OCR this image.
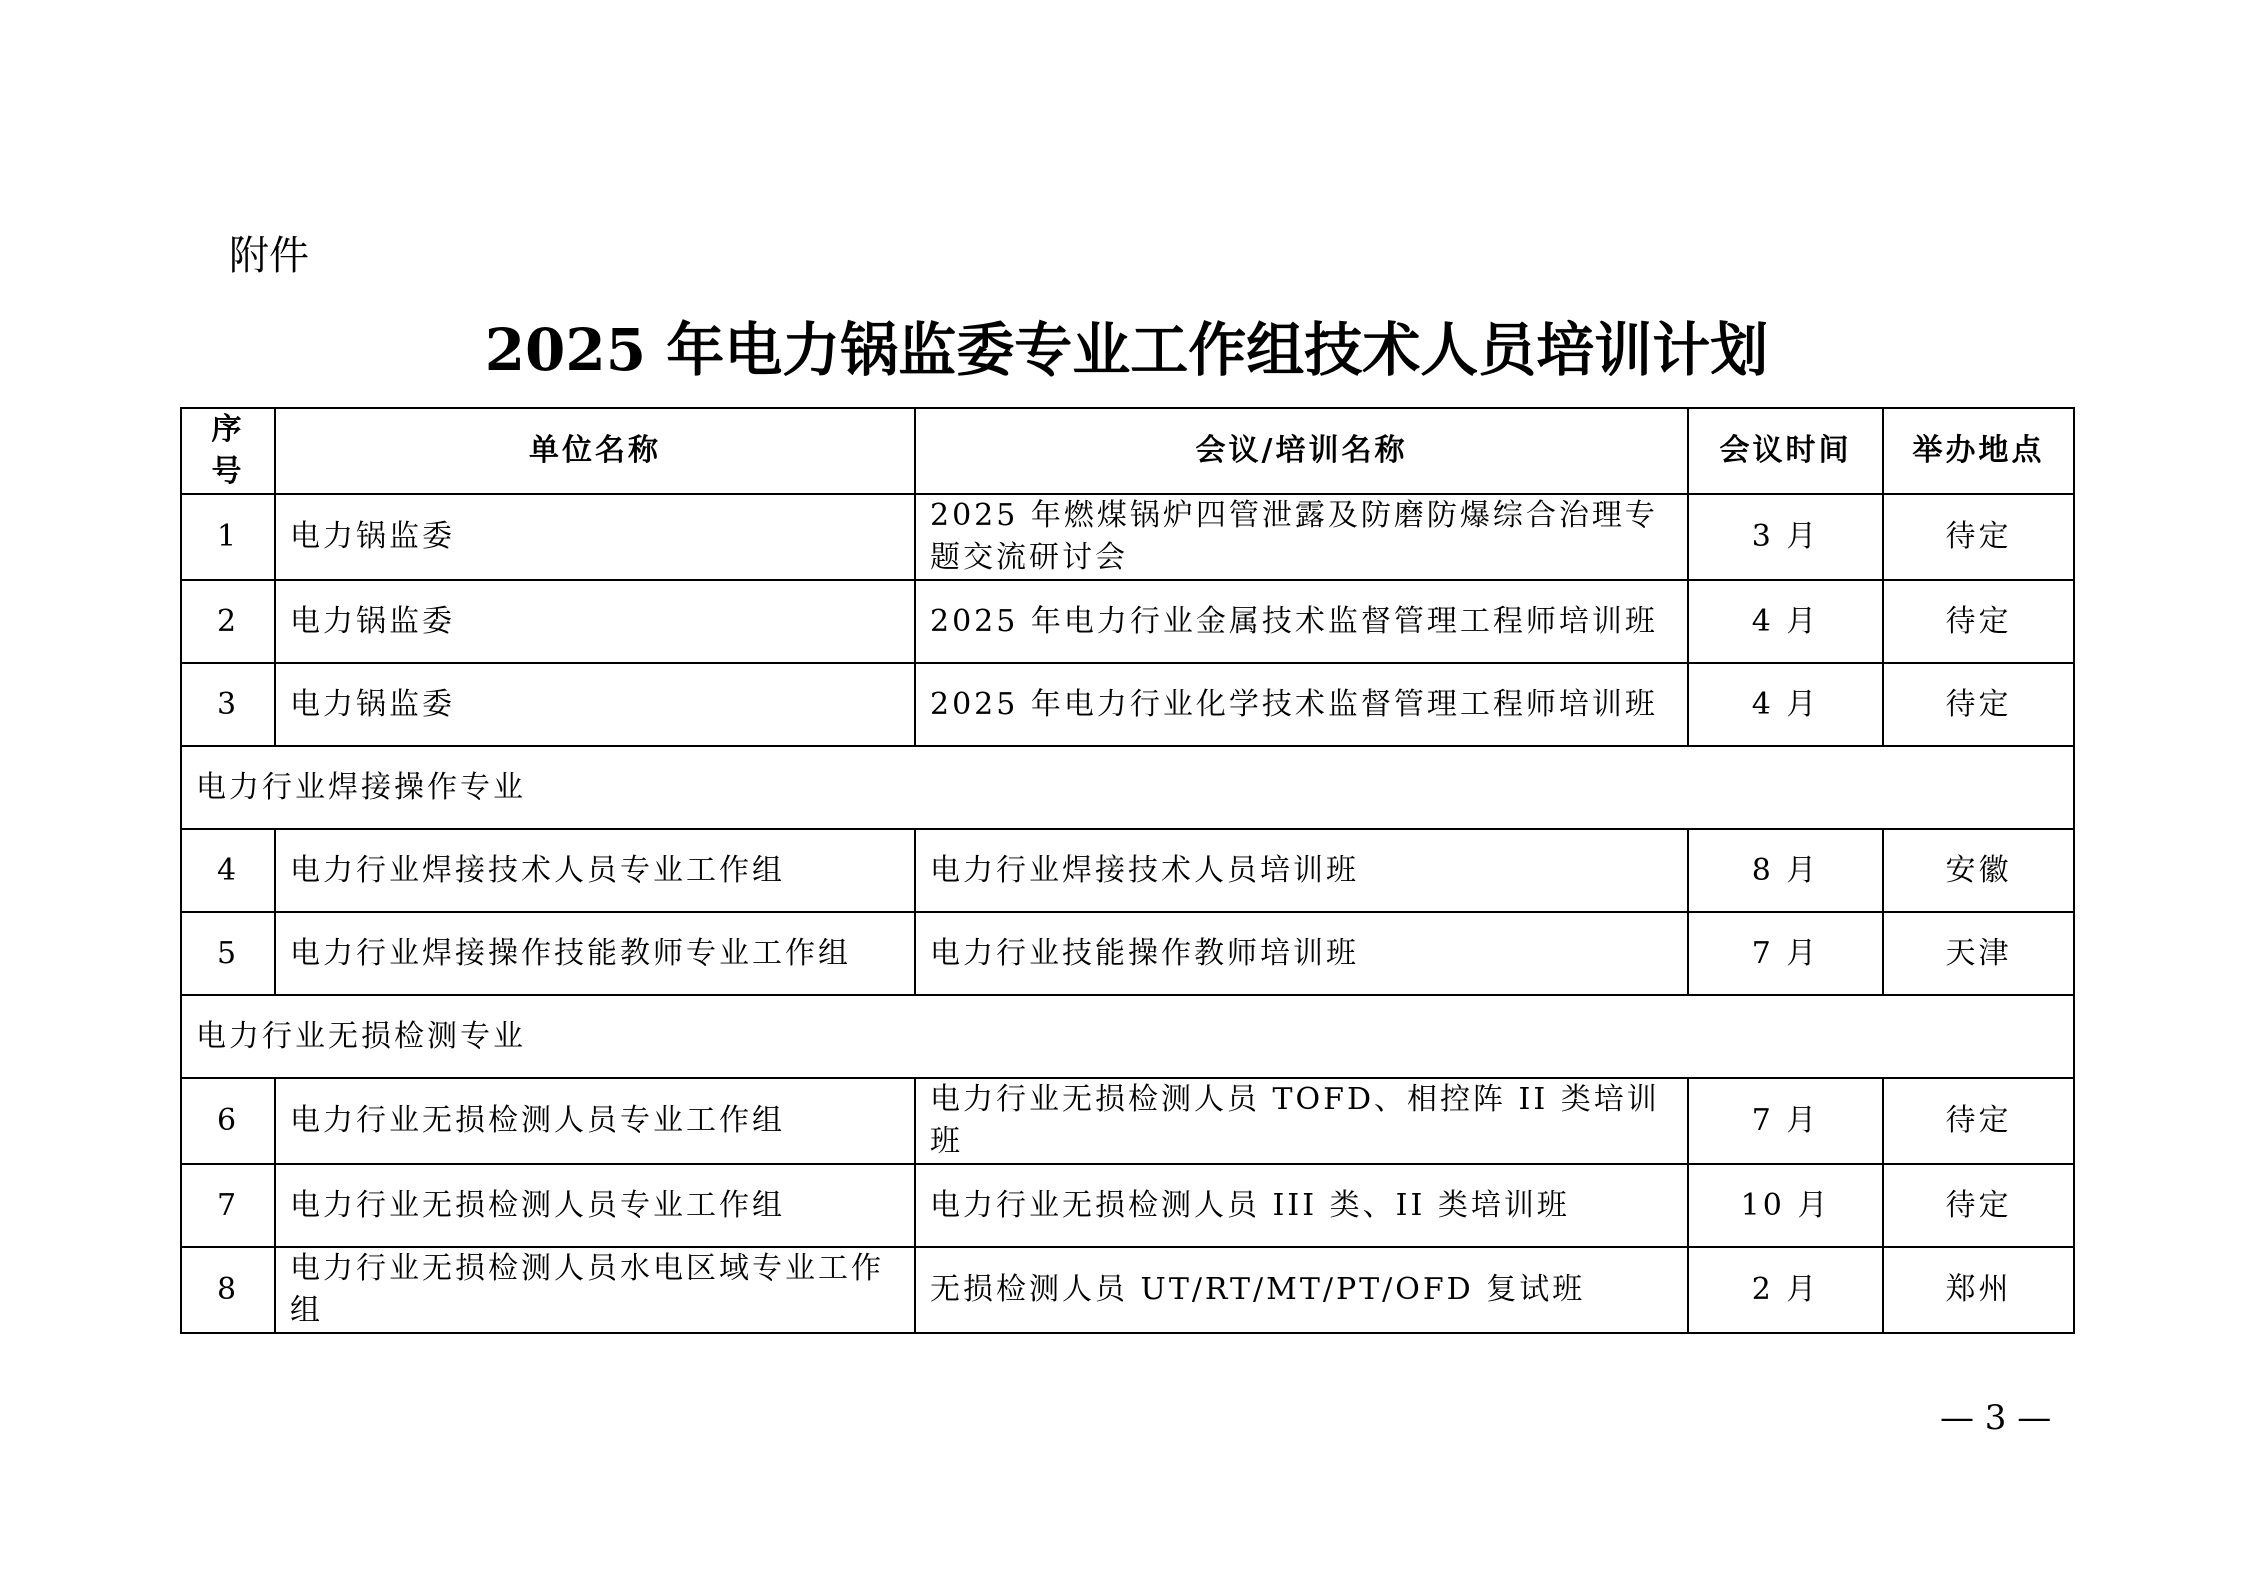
附件
2025 年电力锅监委专业工作组技术人员培训计划
序号	单位名称	会议/培训名称	会议时间	举办地点
1	电力锅监委	2025 年燃煤锅炉四管泄露及防磨防爆综合治理专题交流研讨会	3 月	待定
2	电力锅监委	2025 年电力行业金属技术监督管理工程师培训班	4 月	待定
3	电力锅监委	2025 年电力行业化学技术监督管理工程师培训班	4 月	待定
电力行业焊接操作专业				
4	电力行业焊接技术人员专业工作组	电力行业焊接技术人员培训班	8 月	安徽
5	电力行业焊接操作技能教师专业工作组	电力行业技能操作教师培训班	7 月	天津
电力行业无损检测专业				
6	电力行业无损检测人员专业工作组	电力行业无损检测人员 TOFD、相控阵 II 类培训班	7 月	待定
7	电力行业无损检测人员专业工作组	电力行业无损检测人员 III 类、II 类培训班	10 月	待定
8	电力行业无损检测人员水电区域专业工作组	无损检测人员 UT/RT/MT/PT/OFD 复试班	2 月	郑州
— 3 —
